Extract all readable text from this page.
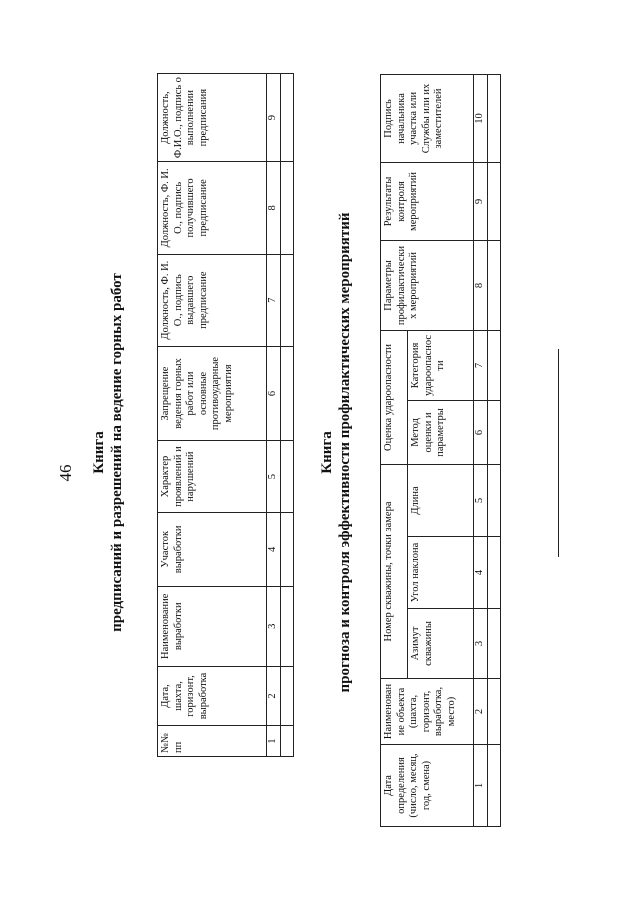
46 Книга предписаний и разрешений на ведение горных работ
№№ пп	Дата, шахта, горизонт, выработка	Наименование выработки	Участок выработки	Характер проявлений и нарушений	Запрещение ведения горных работ или основные противоударные мероприятия	Должность, Ф. И. О., подпись выдавшего предписание	Должность, Ф. И. О., подпись получившего предписание	Должность, Ф.И.О., подпись о выполнении предписания
1	2	3	4	5	6	7	8	9

Книга прогноза и контроля эффективности профилактических мероприятий
Дата определения (число, месяц, год, смена)	Наименование объекта (шахта, горизонт, выработка, место)	Номер скважины, точки замера			Оценка удароопасности		Параметры профилактических мероприятий	Результаты контроля мероприятий	Подпись начальника участка или Службы или их заместителей
		Азимут скважины	Угол наклона	Длина	Метод оценки и параметры	Категория удароопасности			
1	2	3	4	5	6	7	8	9	10
